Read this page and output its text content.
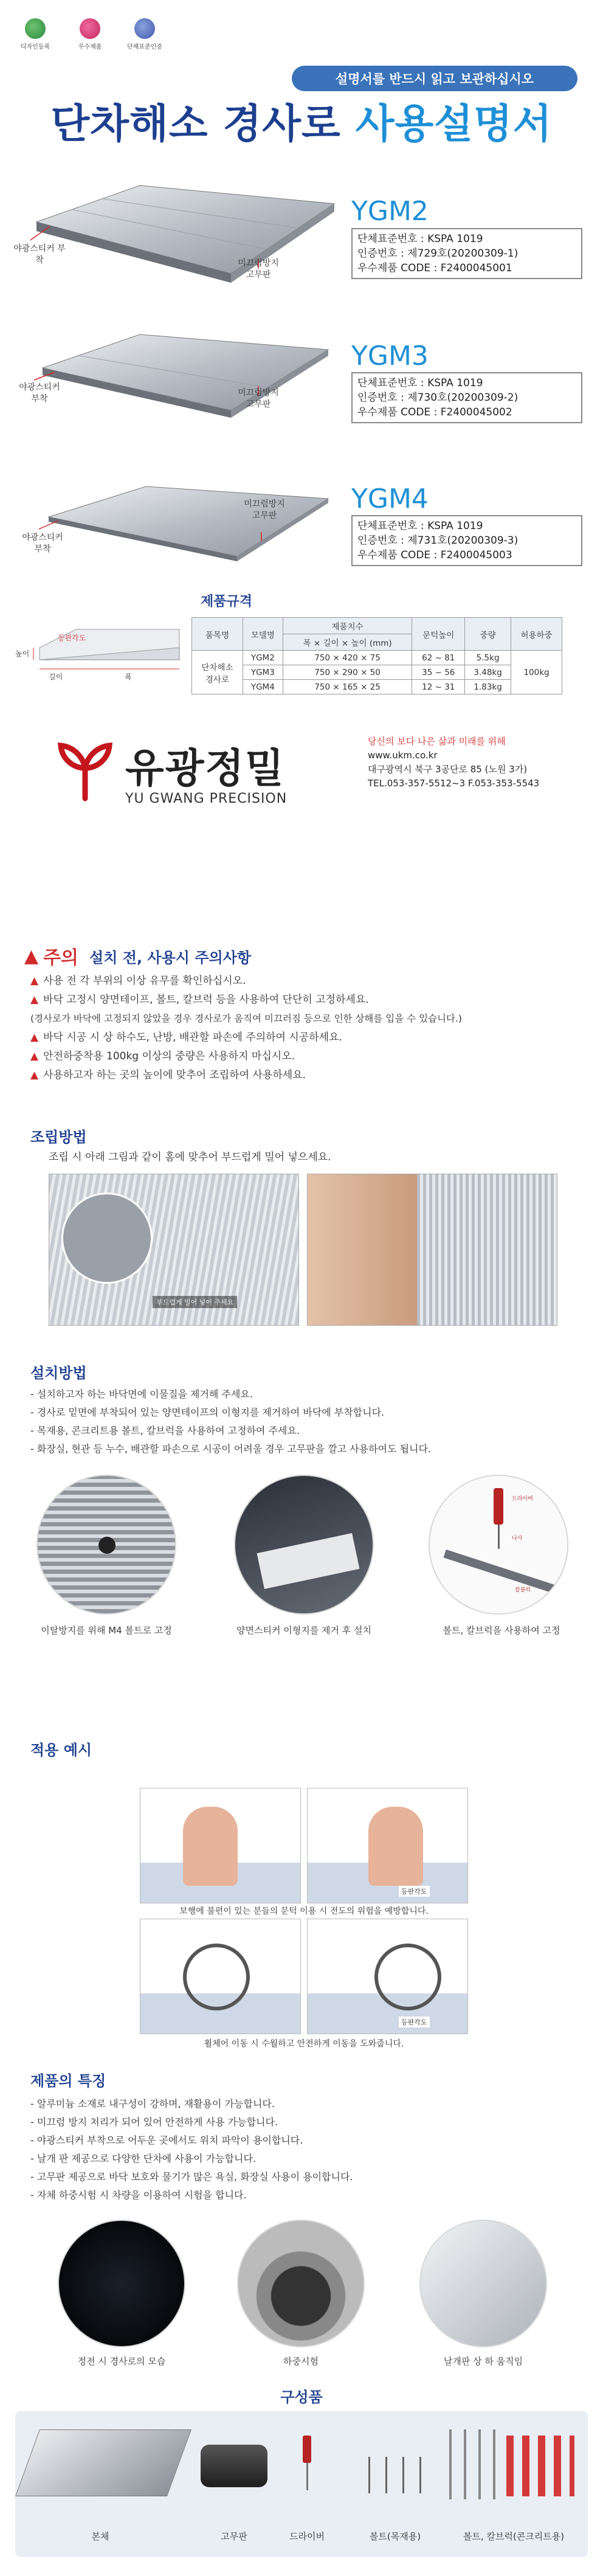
디자인등록	우수제품	단체표준인증
설명서를 반드시 읽고 보관하십시오
단차해소 경사로 사용설명서
야광스티커 부착	미끄럼방지
고무판
야광스티커
부착
미끄럼방지
고무판
야광스티커
부착
미끄럼방지
고무판
YGM2
단체표준번호 : KSPA 1019
인증번호 : 제729호(20200309-1)
우수제품 CODE : F2400045001
YGM3
단체표준번호 : KSPA 1019
인증번호 : 제730호(20200309-2)
우수제품 CODE : F2400045002
YGM4
단체표준번호 : KSPA 1019
인증번호 : 제731호(20200309-3)
우수제품 CODE : F2400045003
제품규격
등판각도
높이
길이	폭
품목명	모델명	제품치수	문턱높이	중량	허용하중
		폭 × 길이 × 높이 (mm)			
단차해소
경사로	YGM2	750 × 420 × 75	62 ~ 81	5.5kg	100kg
	YGM3	750 × 290 × 50	35 ~ 56	3.48kg	
	YGM4	750 × 165 × 25	12 ~ 31	1.83kg	
유광정밀
YU GWANG PRECISION
당신의 보다 나은 삶과 미래를 위해
www.ukm.co.kr
대구광역시 북구 3공단로 85 (노원 3가)
TEL.053-357-5512~3 F.053-353-5543
▲ 주의 설치 전, 사용시 주의사항
▲ 사용 전 각 부위의 이상 유무를 확인하십시오.
▲ 바닥 고정시 양면테이프, 볼트, 칼브럭 등을 사용하여 단단히 고정하세요.
(경사로가 바닥에 고정되지 않았을 경우 경사로가 움직여 미끄러짐 등으로 인한 상해를 입을 수 있습니다.)
▲ 바닥 시공 시 상 하수도, 난방, 배관할 파손에 주의하여 시공하세요.
▲ 안전하중착용 100kg 이상의 중량은 사용하지 마십시오.
▲ 사용하고자 하는 곳의 높이에 맞추어 조립하여 사용하세요.
조립방법
조립 시 아래 그림과 같이 홈에 맞추어 부드럽게 밀어 넣으세요.
부드럽게 밀어 넣어 주세요
설치방법
- 설치하고자 하는 바닥면에 이물질을 제거해 주세요.
- 경사로 밑면에 부착되어 있는 양면테이프의 이형지를 제거하여 바닥에 부착합니다.
- 목재용, 콘크리트용 볼트, 칼브럭을 사용하여 고정하여 주세요.
- 화장실, 현관 등 누수, 배관할 파손으로 시공이 어려울 경우 고무판을 깔고 사용하여도 됩니다.
드라이버
나사
칼블럭
이탈방지를 위해 M4 볼트로 고정	양면스티커 이형지를 제거 후 설치	볼트, 칼브럭을 사용하여 고정
적용 예시
등판각도
보행에 불편이 있는 분들의 문턱 이용 시 전도의 위험을 예방합니다.
등판각도
휠체어 이동 시 수월하고 안전하게 이동을 도와줍니다.
제품의 특징
- 알루미늄 소재로 내구성이 강하며, 재활용이 가능합니다.
- 미끄럼 방지 처리가 되어 있어 안전하게 사용 가능합니다.
- 야광스티커 부착으로 어두운 곳에서도 위치 파악이 용이합니다.
- 날개 판 제공으로 다양한 단차에 사용이 가능합니다.
- 고무판 제공으로 바닥 보호와 물기가 많은 욕실, 화장실 사용이 용이합니다.
- 자체 하중시험 시 차량을 이용하여 시험을 합니다.
정전 시 경사로의 모습	하중시험	날개판 상 하 움직임
구성품
본체	고무판	드라이버	볼트(목재용)	볼트, 칼브럭(콘크리트용)
